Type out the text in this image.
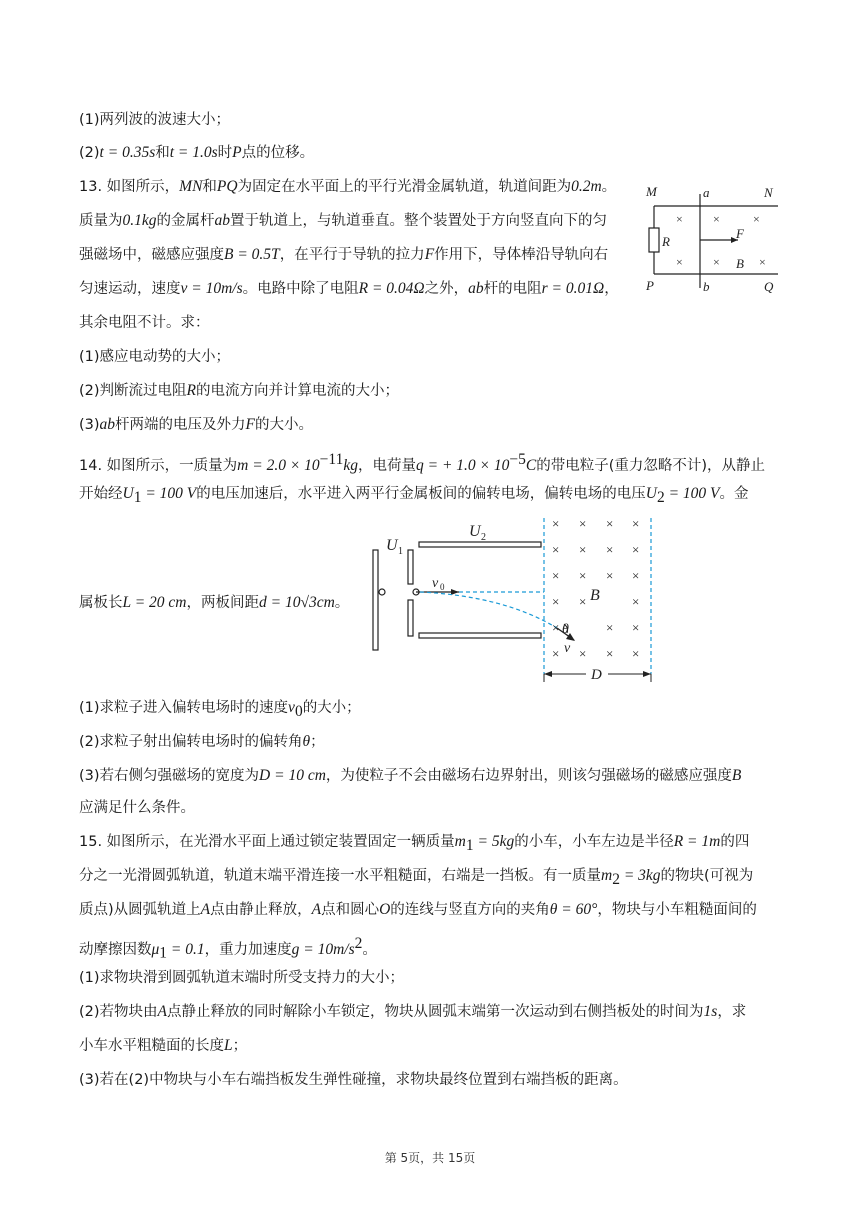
(1)两列波的波速大小；
(2)t = 0.35s和t = 1.0s时P点的位移。
13. 如图所示，MN和PQ为固定在水平面上的平行光滑金属轨道，轨道间距为0.2m。
质量为0.1kg的金属杆ab置于轨道上，与轨道垂直。整个装置处于方向竖直向下的匀
强磁场中，磁感应强度B = 0.5T，在平行于导轨的拉力F作用下，导体棒沿导轨向右
匀速运动，速度v = 10m/s。电路中除了电阻R = 0.04Ω之外，ab杆的电阻r = 0.01Ω，
其余电阻不计。求：
(1)感应电动势的大小；
(2)判断流过电阻R的电流方向并计算电流的大小；
(3)ab杆两端的电压及外力F的大小。
M	a	N
R
F
B
P	b	Q
×	×	×
×	×	×
14. 如图所示，一质量为$m = 2.0 \times 10^{-11}kg$，电荷量q = + $1.0 \times 10^{-5}C$的带电粒子(重力忽略不计)，从静止
开始经$U_1 = 100$ V的电压加速后，水平进入两平行金属板间的偏转电场，偏转电场的电压$U_2 = 100$ V。金
属板长L = 20 cm，两板间距d = 10√3cm。
U 1
U 2
v 0	B
θ
v
D
× × × ×
× × × ×
× × × ×
× ×	×
×	× ×
× × × ×
(1)求粒子进入偏转电场时的速度$v_0$的大小；
(2)求粒子射出偏转电场时的偏转角θ；
(3)若右侧匀强磁场的宽度为D = 10 cm，为使粒子不会由磁场右边界射出，则该匀强磁场的磁感应强度B
应满足什么条件。
15. 如图所示，在光滑水平面上通过锁定装置固定一辆质量$m_1 = 5kg$的小车，小车左边是半径R = 1m的四
分之一光滑圆弧轨道，轨道末端平滑连接一水平粗糙面，右端是一挡板。有一质量$m_2 = 3kg$的物块(可视为
质点)从圆弧轨道上A点由静止释放，A点和圆心O的连线与竖直方向的夹角θ = 60°，物块与小车粗糙面间的
动摩擦因数$\mu_1 = 0.1$，重力加速度$g = 10m/s^2$。
(1)求物块滑到圆弧轨道末端时所受支持力的大小；
(2)若物块由A点静止释放的同时解除小车锁定，物块从圆弧末端第一次运动到右侧挡板处的时间为1s，求
小车水平粗糙面的长度L；
(3)若在(2)中物块与小车右端挡板发生弹性碰撞，求物块最终位置到右端挡板的距离。
第 5页，共 15页
